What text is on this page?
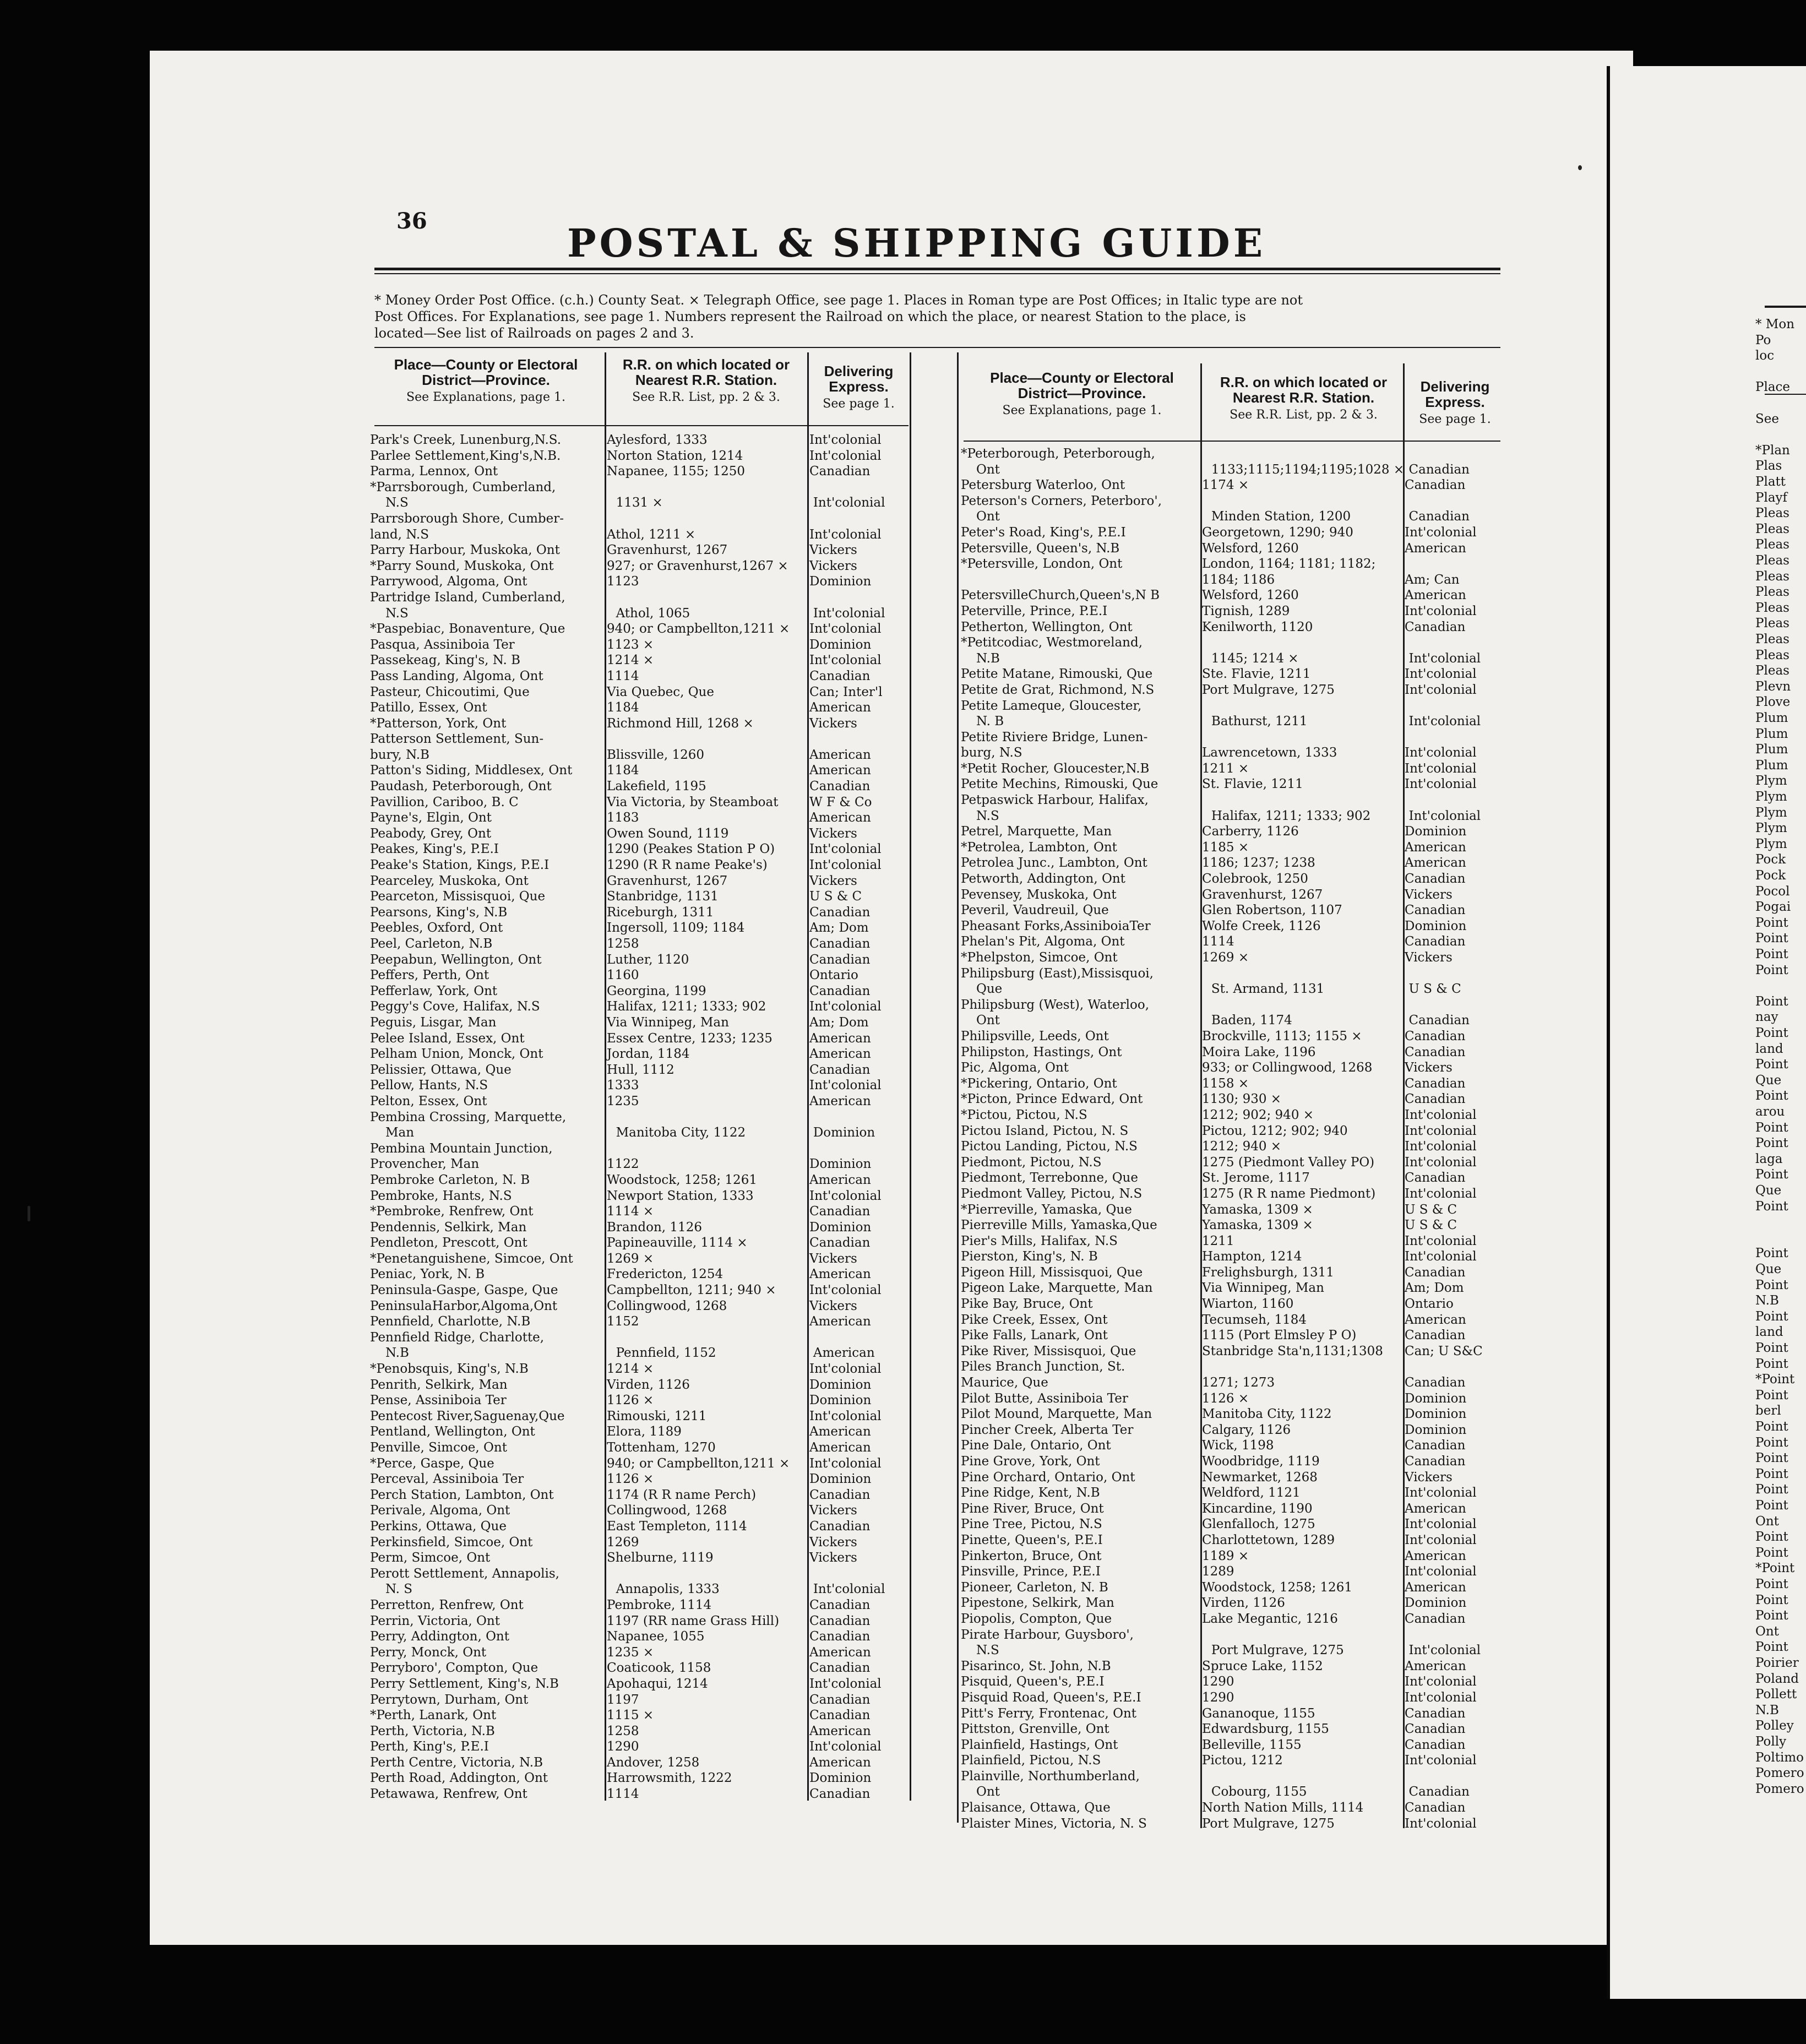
36	POSTAL & SHIPPING GUIDE
* Money Order Post Office. (c.h.) County Seat. × Telegraph Office, see page 1. Places in Roman type are Post Offices; in Italic type are not
Post Offices. For Explanations, see page 1. Numbers represent the Railroad on which the place, or nearest Station to the place, is
located—See list of Railroads on pages 2 and 3.
Place—County or Electoral District—Province.
See Explanations, page 1.
R.R. on which located or Nearest R.R. Station.
See R.R. List, pp. 2 & 3.
Delivering Express.
See page 1.
Place—County or Electoral District—Province.
See Explanations, page 1.
R.R. on which located or Nearest R.R. Station.
See R.R. List, pp. 2 & 3.
Delivering Express.
See page 1.
Park's Creek, Lunenburg,N.S.	Aylesford, 1333	Int'colonial
Parlee Settlement,King's,N.B.	Norton Station, 1214	Int'colonial
Parma, Lennox, Ont	Napanee, 1155; 1250	Canadian
*Parrsborough, Cumberland,
N.S	1131 ×	Int'colonial
Parrsborough Shore, Cumber-
land, N.S	Athol, 1211 ×	Int'colonial
Parry Harbour, Muskoka, Ont	Gravenhurst, 1267	Vickers
*Parry Sound, Muskoka, Ont	927; or Gravenhurst,1267 ×	Vickers
Parrywood, Algoma, Ont	1123	Dominion
Partridge Island, Cumberland,
N.S	Athol, 1065	Int'colonial
*Paspebiac, Bonaventure, Que	940; or Campbellton,1211 ×	Int'colonial
Pasqua, Assiniboia Ter	1123 ×	Dominion
Passekeag, King's, N. B	1214 ×	Int'colonial
Pass Landing, Algoma, Ont	1114	Canadian
Pasteur, Chicoutimi, Que	Via Quebec, Que	Can; Inter'l
Patillo, Essex, Ont	1184	American
*Patterson, York, Ont	Richmond Hill, 1268 ×	Vickers
Patterson Settlement, Sun-
bury, N.B	Blissville, 1260	American
Patton's Siding, Middlesex, Ont	1184	American
Paudash, Peterborough, Ont	Lakefield, 1195	Canadian
Pavillion, Cariboo, B. C	Via Victoria, by Steamboat	W F & Co
Payne's, Elgin, Ont	1183	American
Peabody, Grey, Ont	Owen Sound, 1119	Vickers
Peakes, King's, P.E.I	1290 (Peakes Station P O)	Int'colonial
Peake's Station, Kings, P.E.I	1290 (R R name Peake's)	Int'colonial
Pearceley, Muskoka, Ont	Gravenhurst, 1267	Vickers
Pearceton, Missisquoi, Que	Stanbridge, 1131	U S & C
Pearsons, King's, N.B	Riceburgh, 1311	Canadian
Peebles, Oxford, Ont	Ingersoll, 1109; 1184	Am; Dom
Peel, Carleton, N.B	1258	Canadian
Peepabun, Wellington, Ont	Luther, 1120	Canadian
Peffers, Perth, Ont	1160	Ontario
Pefferlaw, York, Ont	Georgina, 1199	Canadian
Peggy's Cove, Halifax, N.S	Halifax, 1211; 1333; 902	Int'colonial
Peguis, Lisgar, Man	Via Winnipeg, Man	Am; Dom
Pelee Island, Essex, Ont	Essex Centre, 1233; 1235	American
Pelham Union, Monck, Ont	Jordan, 1184	American
Pelissier, Ottawa, Que	Hull, 1112	Canadian
Pellow, Hants, N.S	1333	Int'colonial
Pelton, Essex, Ont	1235	American
Pembina Crossing, Marquette,
Man	Manitoba City, 1122	Dominion
Pembina Mountain Junction,
Provencher, Man	1122	Dominion
Pembroke Carleton, N. B	Woodstock, 1258; 1261	American
Pembroke, Hants, N.S	Newport Station, 1333	Int'colonial
*Pembroke, Renfrew, Ont	1114 ×	Canadian
Pendennis, Selkirk, Man	Brandon, 1126	Dominion
Pendleton, Prescott, Ont	Papineauville, 1114 ×	Canadian
*Penetanguishene, Simcoe, Ont	1269 ×	Vickers
Peniac, York, N. B	Fredericton, 1254	American
Peninsula-Gaspe, Gaspe, Que	Campbellton, 1211; 940 ×	Int'colonial
PeninsulaHarbor,Algoma,Ont	Collingwood, 1268	Vickers
Pennfield, Charlotte, N.B	1152	American
Pennfield Ridge, Charlotte,
N.B	Pennfield, 1152	American
*Penobsquis, King's, N.B	1214 ×	Int'colonial
Penrith, Selkirk, Man	Virden, 1126	Dominion
Pense, Assiniboia Ter	1126 ×	Dominion
Pentecost River,Saguenay,Que	Rimouski, 1211	Int'colonial
Pentland, Wellington, Ont	Elora, 1189	American
Penville, Simcoe, Ont	Tottenham, 1270	American
*Perce, Gaspe, Que	940; or Campbellton,1211 ×	Int'colonial
Perceval, Assiniboia Ter	1126 ×	Dominion
Perch Station, Lambton, Ont	1174 (R R name Perch)	Canadian
Perivale, Algoma, Ont	Collingwood, 1268	Vickers
Perkins, Ottawa, Que	East Templeton, 1114	Canadian
Perkinsfield, Simcoe, Ont	1269	Vickers
Perm, Simcoe, Ont	Shelburne, 1119	Vickers
Perott Settlement, Annapolis,
N. S	Annapolis, 1333	Int'colonial
Perretton, Renfrew, Ont	Pembroke, 1114	Canadian
Perrin, Victoria, Ont	1197 (RR name Grass Hill)	Canadian
Perry, Addington, Ont	Napanee, 1055	Canadian
Perry, Monck, Ont	1235 ×	American
Perryboro', Compton, Que	Coaticook, 1158	Canadian
Perry Settlement, King's, N.B	Apohaqui, 1214	Int'colonial
Perrytown, Durham, Ont	1197	Canadian
*Perth, Lanark, Ont	1115 ×	Canadian
Perth, Victoria, N.B	1258	American
Perth, King's, P.E.I	1290	Int'colonial
Perth Centre, Victoria, N.B	Andover, 1258	American
Perth Road, Addington, Ont	Harrowsmith, 1222	Dominion
Petawawa, Renfrew, Ont	1114	Canadian
*Peterborough, Peterborough,
Ont	1133;1115;1194;1195;1028 × Canadian
Petersburg Waterloo, Ont	1174 ×	Canadian
Peterson's Corners, Peterboro',
Ont	Minden Station, 1200	Canadian
Peter's Road, King's, P.E.I	Georgetown, 1290; 940	Int'colonial
Petersville, Queen's, N.B	Welsford, 1260	American
*Petersville, London, Ont	London, 1164; 1181; 1182;
1184; 1186	Am; Can
PetersvilleChurch,Queen's,N B	Welsford, 1260	American
Peterville, Prince, P.E.I	Tignish, 1289	Int'colonial
Petherton, Wellington, Ont	Kenilworth, 1120	Canadian
*Petitcodiac, Westmoreland,
N.B	1145; 1214 ×	Int'colonial
Petite Matane, Rimouski, Que	Ste. Flavie, 1211	Int'colonial
Petite de Grat, Richmond, N.S	Port Mulgrave, 1275	Int'colonial
Petite Lameque, Gloucester,
N. B	Bathurst, 1211	Int'colonial
Petite Riviere Bridge, Lunen-
burg, N.S	Lawrencetown, 1333	Int'colonial
*Petit Rocher, Gloucester,N.B	1211 ×	Int'colonial
Petite Mechins, Rimouski, Que	St. Flavie, 1211	Int'colonial
Petpaswick Harbour, Halifax,
N.S	Halifax, 1211; 1333; 902	Int'colonial
Petrel, Marquette, Man	Carberry, 1126	Dominion
*Petrolea, Lambton, Ont	1185 ×	American
Petrolea Junc., Lambton, Ont	1186; 1237; 1238	American
Petworth, Addington, Ont	Colebrook, 1250	Canadian
Pevensey, Muskoka, Ont	Gravenhurst, 1267	Vickers
Peveril, Vaudreuil, Que	Glen Robertson, 1107	Canadian
Pheasant Forks,AssiniboiaTer	Wolfe Creek, 1126	Dominion
Phelan's Pit, Algoma, Ont	1114	Canadian
*Phelpston, Simcoe, Ont	1269 ×	Vickers
Philipsburg (East),Missisquoi,
Que	St. Armand, 1131	U S & C
Philipsburg (West), Waterloo,
Ont	Baden, 1174	Canadian
Philipsville, Leeds, Ont	Brockville, 1113; 1155 ×	Canadian
Philipston, Hastings, Ont	Moira Lake, 1196	Canadian
Pic, Algoma, Ont	933; or Collingwood, 1268	Vickers
*Pickering, Ontario, Ont	1158 ×	Canadian
*Picton, Prince Edward, Ont	1130; 930 ×	Canadian
*Pictou, Pictou, N.S	1212; 902; 940 ×	Int'colonial
Pictou Island, Pictou, N. S	Pictou, 1212; 902; 940	Int'colonial
Pictou Landing, Pictou, N.S	1212; 940 ×	Int'colonial
Piedmont, Pictou, N.S	1275 (Piedmont Valley PO)	Int'colonial
Piedmont, Terrebonne, Que	St. Jerome, 1117	Canadian
Piedmont Valley, Pictou, N.S	1275 (R R name Piedmont)	Int'colonial
*Pierreville, Yamaska, Que	Yamaska, 1309 ×	U S & C
Pierreville Mills, Yamaska,Que	Yamaska, 1309 ×	U S & C
Pier's Mills, Halifax, N.S	1211	Int'colonial
Pierston, King's, N. B	Hampton, 1214	Int'colonial
Pigeon Hill, Missisquoi, Que	Frelighsburgh, 1311	Canadian
Pigeon Lake, Marquette, Man	Via Winnipeg, Man	Am; Dom
Pike Bay, Bruce, Ont	Wiarton, 1160	Ontario
Pike Creek, Essex, Ont	Tecumseh, 1184	American
Pike Falls, Lanark, Ont	1115 (Port Elmsley P O)	Canadian
Pike River, Missisquoi, Que	Stanbridge Sta'n,1131;1308	Can; U S&C
Piles Branch Junction, St.
Maurice, Que	1271; 1273	Canadian
Pilot Butte, Assiniboia Ter	1126 ×	Dominion
Pilot Mound, Marquette, Man	Manitoba City, 1122	Dominion
Pincher Creek, Alberta Ter	Calgary, 1126	Dominion
Pine Dale, Ontario, Ont	Wick, 1198	Canadian
Pine Grove, York, Ont	Woodbridge, 1119	Canadian
Pine Orchard, Ontario, Ont	Newmarket, 1268	Vickers
Pine Ridge, Kent, N.B	Weldford, 1121	Int'colonial
Pine River, Bruce, Ont	Kincardine, 1190	American
Pine Tree, Pictou, N.S	Glenfalloch, 1275	Int'colonial
Pinette, Queen's, P.E.I	Charlottetown, 1289	Int'colonial
Pinkerton, Bruce, Ont	1189 ×	American
Pinsville, Prince, P.E.I	1289	Int'colonial
Pioneer, Carleton, N. B	Woodstock, 1258; 1261	American
Pipestone, Selkirk, Man	Virden, 1126	Dominion
Piopolis, Compton, Que	Lake Megantic, 1216	Canadian
Pirate Harbour, Guysboro',
N.S	Port Mulgrave, 1275	Int'colonial
Pisarinco, St. John, N.B	Spruce Lake, 1152	American
Pisquid, Queen's, P.E.I	1290	Int'colonial
Pisquid Road, Queen's, P.E.I	1290	Int'colonial
Pitt's Ferry, Frontenac, Ont	Gananoque, 1155	Canadian
Pittston, Grenville, Ont	Edwardsburg, 1155	Canadian
Plainfield, Hastings, Ont	Belleville, 1155	Canadian
Plainfield, Pictou, N.S	Pictou, 1212	Int'colonial
Plainville, Northumberland,
Ont	Cobourg, 1155	Canadian
Plaisance, Ottawa, Que	North Nation Mills, 1114	Canadian
Plaister Mines, Victoria, N. S	Port Mulgrave, 1275	Int'colonial
* Mon
Po
loc
Place
See
*Plan
Plas
Platt
Playf
Pleas
Pleas
Pleas
Pleas
Pleas
Pleas
Pleas
Pleas
Pleas
Pleas
Pleas
Plevn
Plove
Plum
Plum
Plum
Plum
Plym
Plym
Plym
Plym
Plym
Pock
Pock
Pocol
Pogai
Point
Point
Point
Point
Point
nay
Point
land
Point
Que
Point
arou
Point
Point
laga
Point
Que
Point
Point
Que
Point
N.B
Point
land
Point
Point
*Point
Point
berl
Point
Point
Point
Point
Point
Point
Ont
Point
Point
*Point
Point
Point
Point
Ont
Point
Poirier
Poland
Pollett
N.B
Polley
Polly
Poltimo
Pomero
Pomero
